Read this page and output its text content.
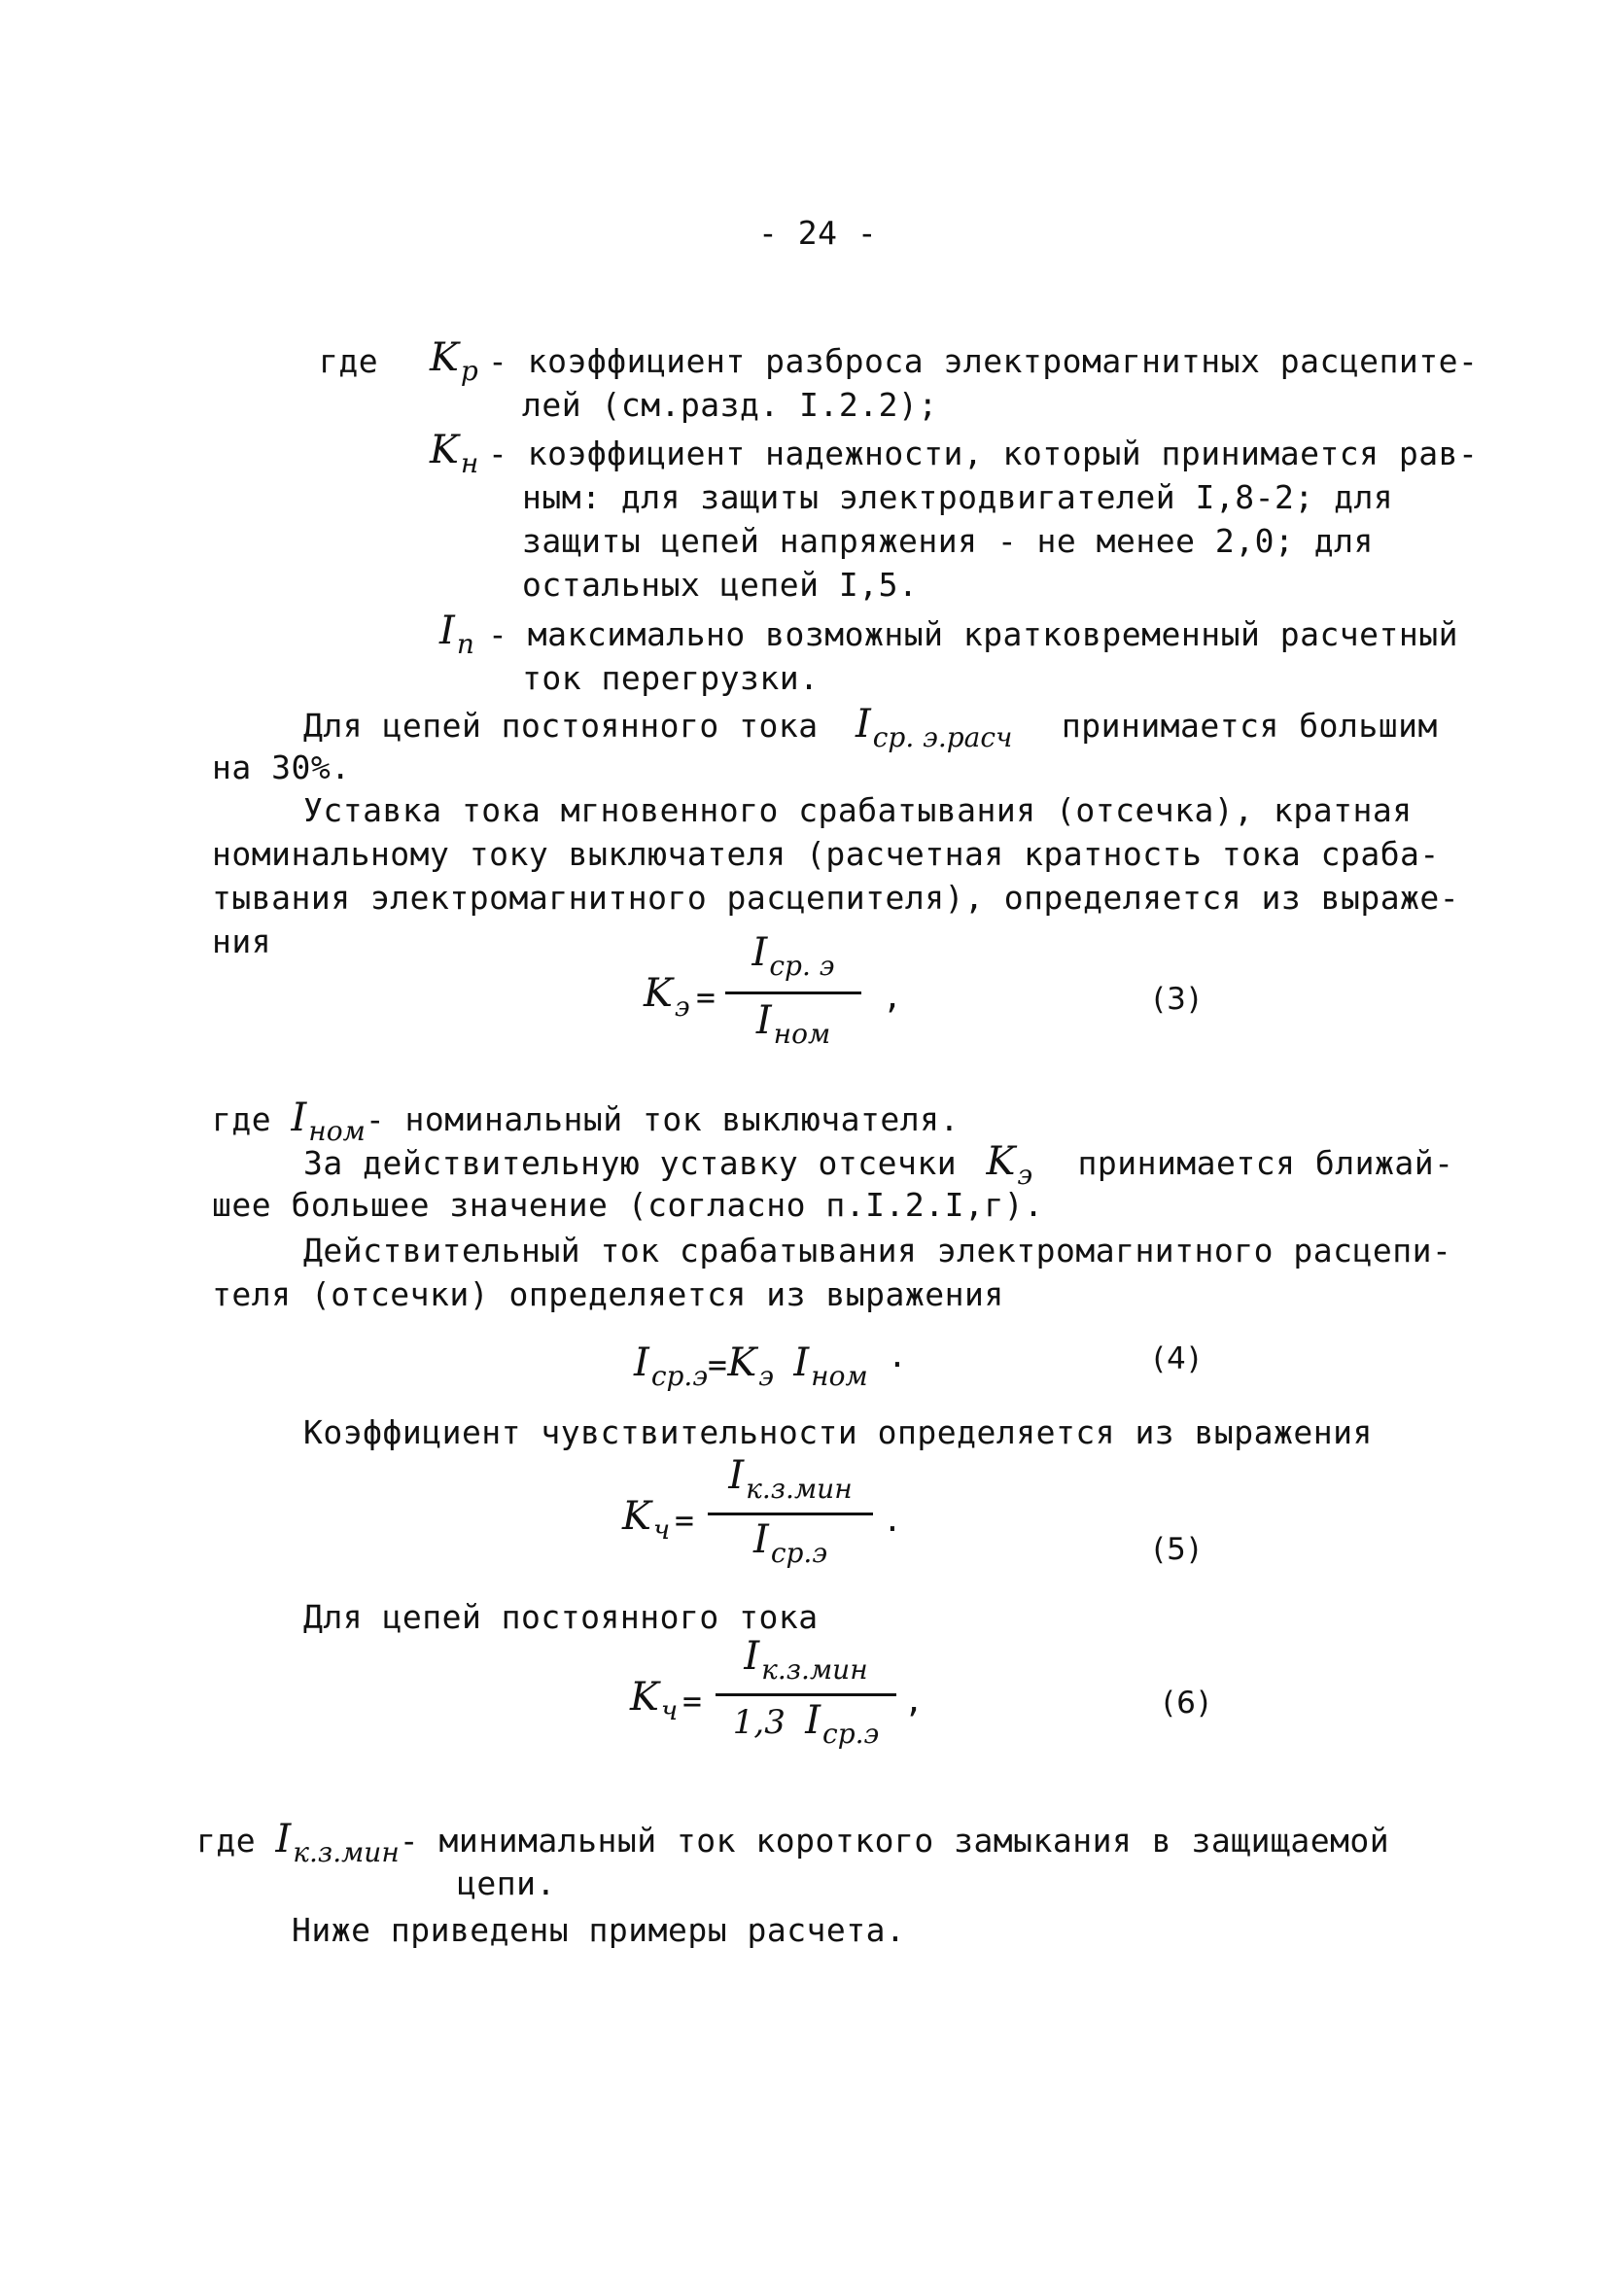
- 24 -
где $K_p$ - коэффициент разброса электромагнитных расцепите-
лей (см.разд. I.2.2);
$K_н$ - коэффициент надежности, который принимается рав-
ным: для защиты электродвигателей I,8-2; для
защиты цепей напряжения - не менее 2,0; для
остальных цепей I,5.
$I_п$ - максимально возможный кратковременный расчетный
ток перегрузки.
Для цепей постоянного тока $I_{ср. э.расч}$ принимается большим
на 30%.
Уставка тока мгновенного срабатывания (отсечка), кратная
номинальному току выключателя (расчетная кратность тока сраба-
тывания электромагнитного расцепителя), определяется из выраже-
ния
$K_э$ =
$I_{ср. э}$
$I_{ном}$
,	(3)
где $I_{ном}-$ номинальный ток выключателя.
За действительную уставку отсечки $K_э$ принимается ближай-
шее большее значение (согласно п.I.2.I,г).
Действительный ток срабатывания электромагнитного расцепи-
теля (отсечки) определяется из выражения
$I_{ср.э}=K_э$ $I_{ном}$ ·	(4)
Коэффициент чувствительности определяется из выражения
$K_ч$ =
$I_{к.з.мин}$
$I_{ср.э}$
.
(5)
Для цепей постоянного тока
$K_ч$ =
$I_{к.з.мин}$
1,3 $I_{ср.э}$
,	(6)
где $I_{к.з.мин}-$ минимальный ток короткого замыкания в защищаемой
цепи.
Ниже приведены примеры расчета.
